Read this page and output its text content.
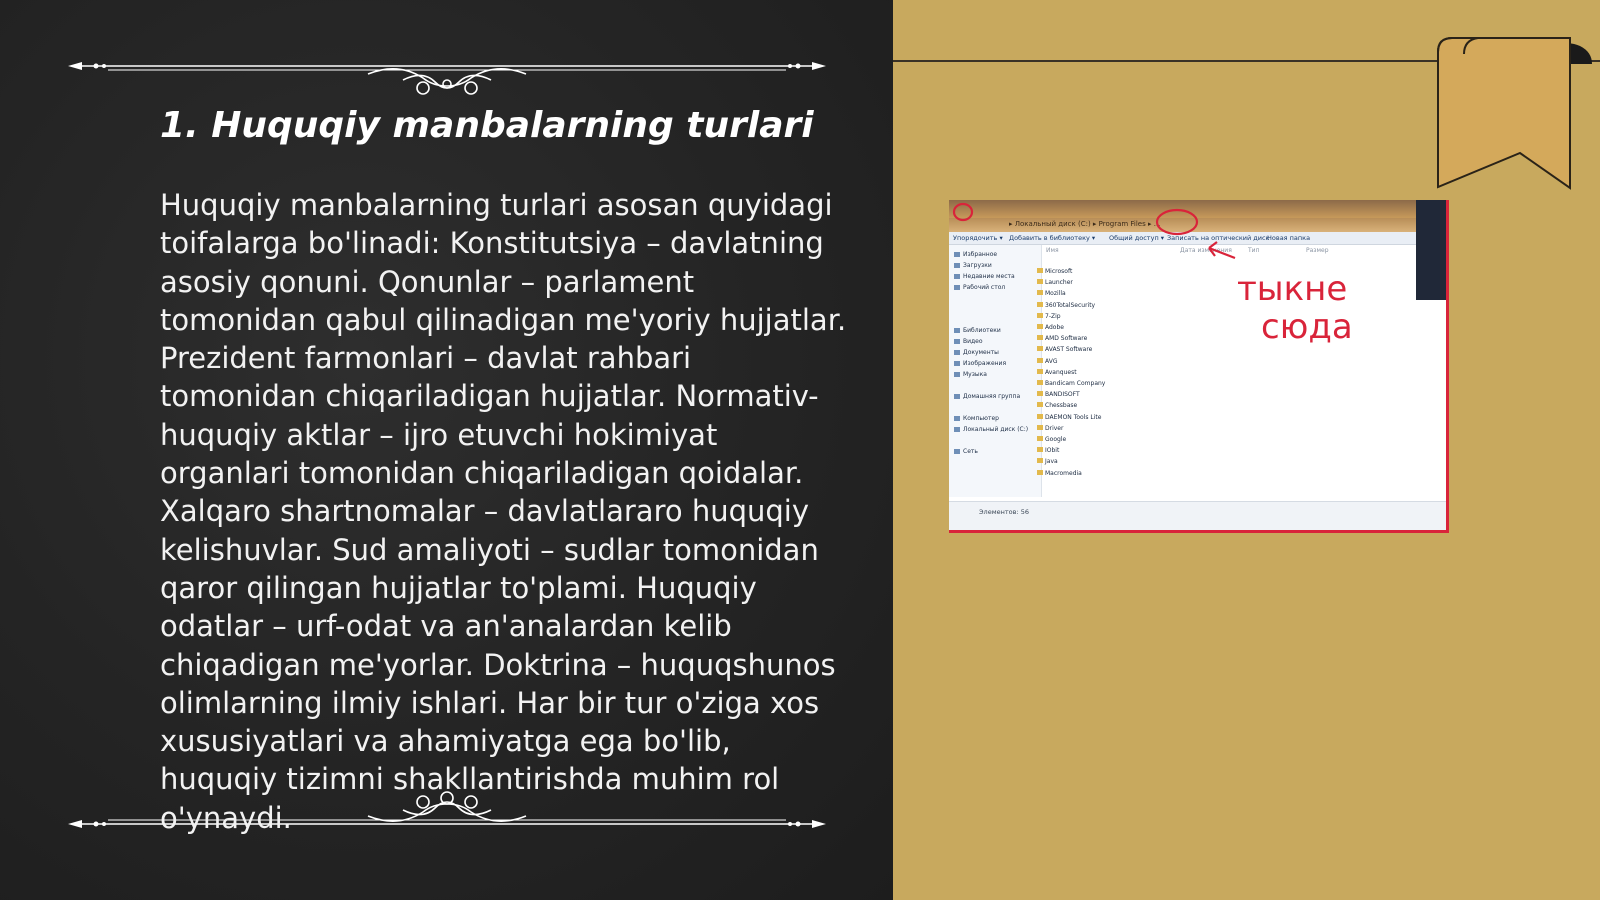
1. Huquqiy manbalarning turlari

Huquqiy manbalarning turlari asosan quyidagi toifalarga bo'linadi: Konstitutsiya – davlatning asosiy qonuni. Qonunlar – parlament tomonidan qabul qilinadigan me'yoriy hujjatlar. Prezident farmonlari – davlat rahbari tomonidan chiqariladigan hujjatlar. Normativ-huquqiy aktlar – ijro etuvchi hokimiyat organlari tomonidan chiqariladigan qoidalar. Xalqaro shartnomalar – davlatlararo huquqiy kelishuvlar. Sud amaliyoti – sudlar tomonidan qaror qilingan hujjatlar to'plami. Huquqiy odatlar – urf-odat va an'analardan kelib chiqadigan me'yorlar. Doktrina – huquqshunos olimlarning ilmiy ishlari. Har bir tur o'ziga xos xususiyatlari va ahamiyatga ega bo'lib, huquqiy tizimni shakllantirishda muhim rol o'ynaydi.

▸ Локальный диск (C:) ▸ Program Files ▸ ...
Упорядочить ▾ Добавить в библиотеку ▾ Общий доступ ▾ Записать на оптический диск
Новая папка
Избранное
Загрузки
Недавние места
Рабочий стол
Библиотеки
Видео
Документы
Изображения
Музыка
Домашняя группа
Компьютер
Локальный диск (C:)
Сеть
Имя	Дата изменения	Тип	Размер
Microsoft
Launcher
Mozilla
360TotalSecurity
7-Zip
Adobe
AMD Software
AVAST Software
AVG
Avanquest
Bandicam Company
BANDISOFT
Chessbase
DAEMON Tools Lite
Driver
Google
IObit
Java
Macromedia
Элементов: 56
тыкне
сюда
